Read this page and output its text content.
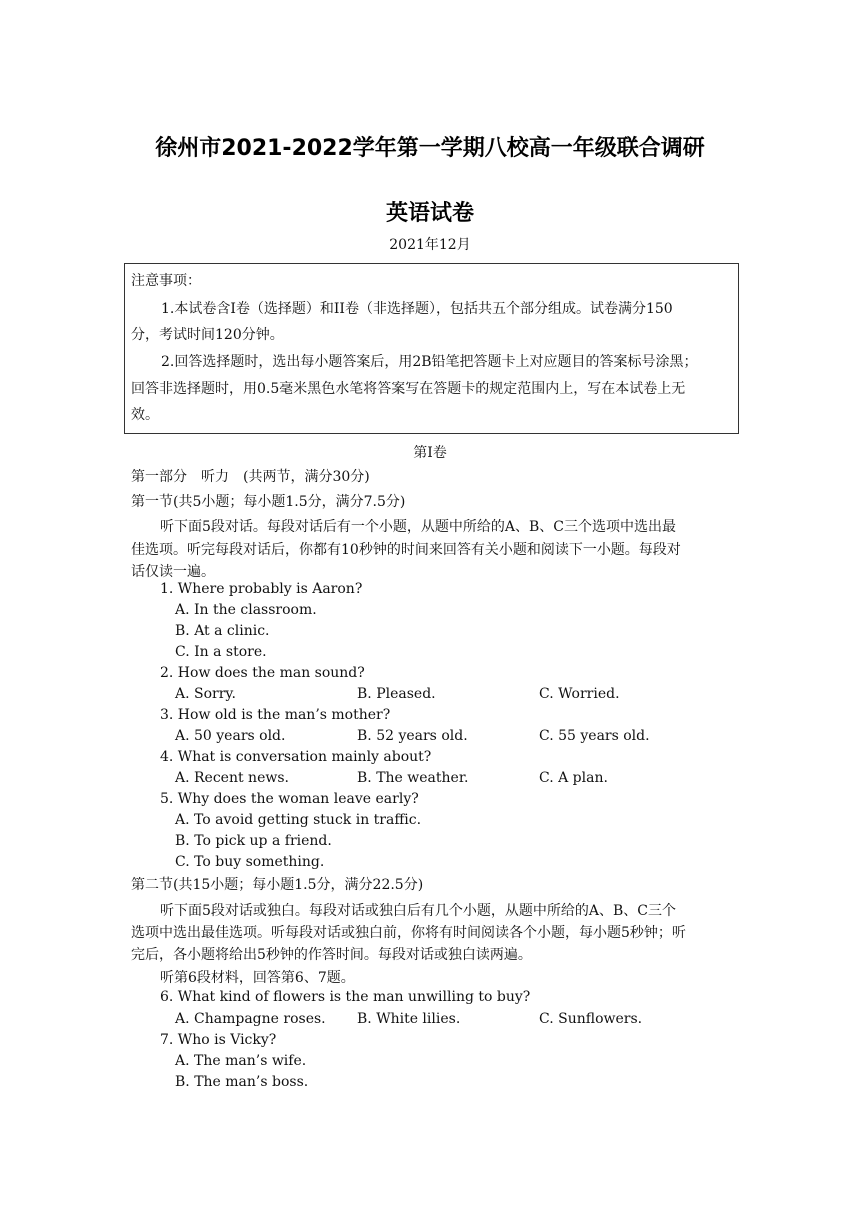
徐州市2021-2022学年第一学期八校高一年级联合调研
英语试卷
2021年12月
注意事项：
1.本试卷含I卷（选择题）和II卷（非选择题），包括共五个部分组成。试卷满分150
分，考试时间120分钟。
2.回答选择题时，选出每小题答案后，用2B铅笔把答题卡上对应题目的答案标号涂黑；
回答非选择题时，用0.5毫米黑色水笔将答案写在答题卡的规定范围内上，写在本试卷上无
效。
第I卷
第一部分　听力　(共两节，满分30分)
第一节(共5小题；每小题1.5分，满分7.5分)
听下面5段对话。每段对话后有一个小题，从题中所给的A、B、C三个选项中选出最
佳选项。听完每段对话后，你都有10秒钟的时间来回答有关小题和阅读下一小题。每段对
话仅读一遍。
1. Where probably is Aaron?
A. In the classroom.
B. At a clinic.
C. In a store.
2. How does the man sound?
A. Sorry.	B. Pleased.	C. Worried.
3. How old is the man’s mother?
A. 50 years old.	B. 52 years old.	C. 55 years old.
4. What is conversation mainly about?
A. Recent news.	B. The weather.	C. A plan.
5. Why does the woman leave early?
A. To avoid getting stuck in traffic.
B. To pick up a friend.
C. To buy something.
第二节(共15小题；每小题1.5分，满分22.5分)
听下面5段对话或独白。每段对话或独白后有几个小题，从题中所给的A、B、C三个
选项中选出最佳选项。听每段对话或独白前，你将有时间阅读各个小题，每小题5秒钟；听
完后，各小题将给出5秒钟的作答时间。每段对话或独白读两遍。
听第6段材料，回答第6、7题。
6. What kind of flowers is the man unwilling to buy?
A. Champagne roses. B. White lilies.	C. Sunflowers.
7. Who is Vicky?
A. The man’s wife.
B. The man’s boss.
